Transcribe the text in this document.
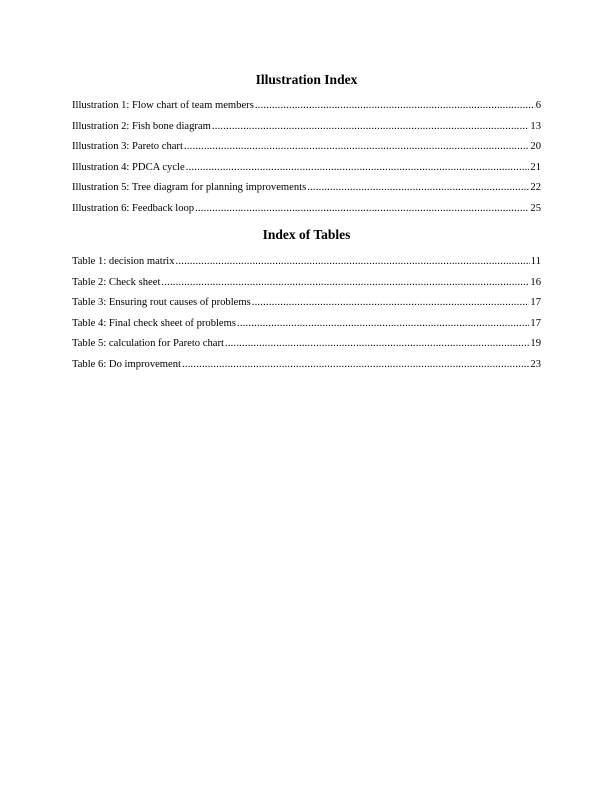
Illustration Index
Illustration 1: Flow chart of team members .....	6
Illustration 2: Fish bone diagram .....	13
Illustration 3: Pareto chart .....	20
Illustration 4: PDCA cycle .....	21
Illustration 5: Tree diagram for planning improvements .....	22
Illustration 6: Feedback loop .....	25
Index of Tables
Table 1: decision matrix .....	11
Table 2: Check sheet .....	16
Table 3: Ensuring rout causes of problems .....	17
Table 4: Final check sheet of problems .....	17
Table 5: calculation for Pareto chart .....	19
Table 6: Do improvement .....	23
